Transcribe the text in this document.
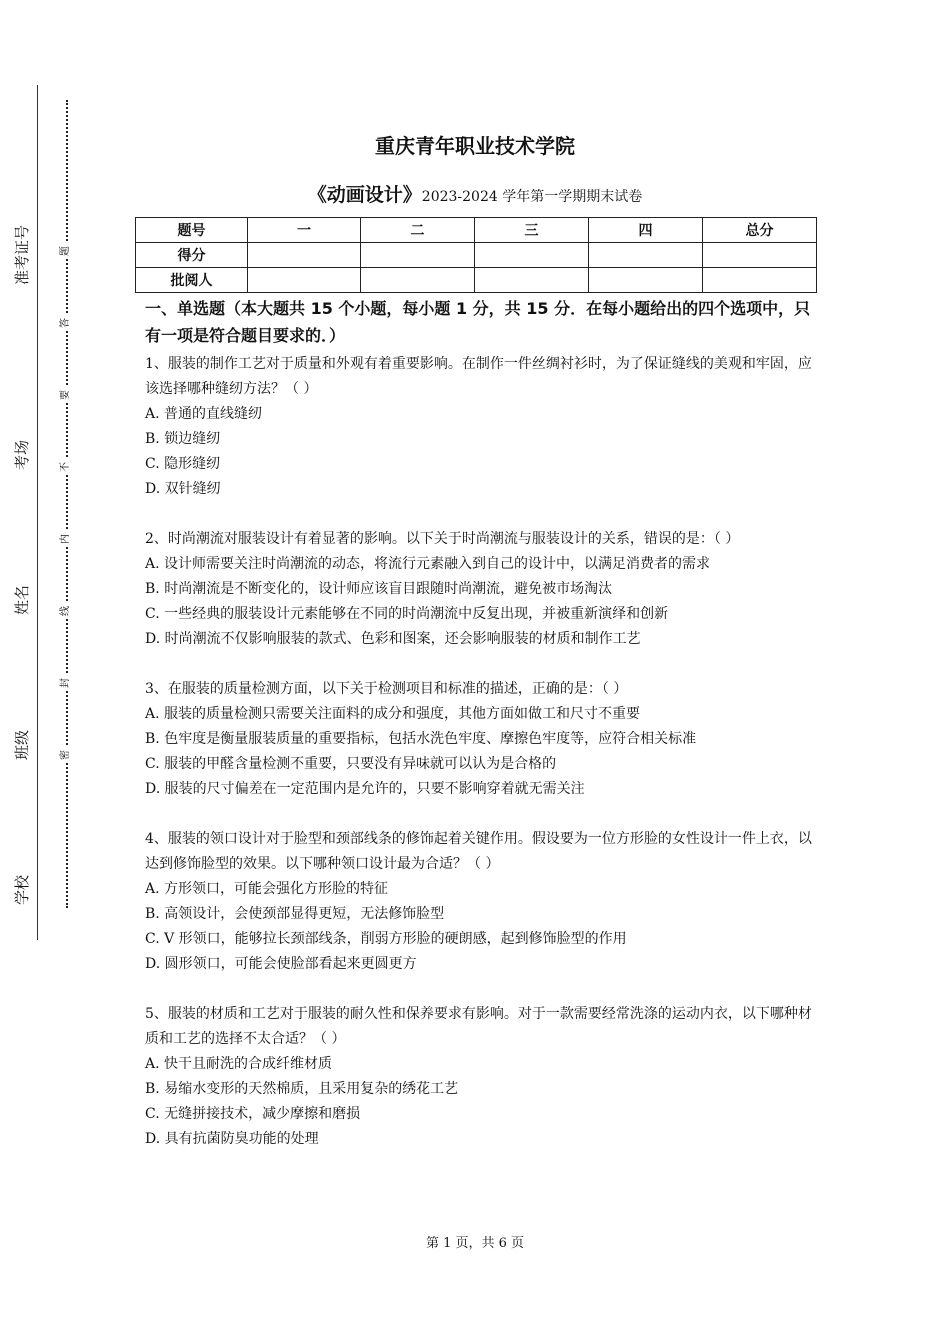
准考证号
考场
姓名
班级
学校
题
答
要
不
内
线
封
密
重庆青年职业技术学院
《动画设计》2023-2024 学年第一学期期末试卷
题号	一	二	三	四	总分
得分					
批阅人					
一、单选题（本大题共 15 个小题，每小题 1 分，共 15 分．在每小题给出的四个选项中，只有一项是符合题目要求的．）

1、服装的制作工艺对于质量和外观有着重要影响。在制作一件丝绸衬衫时，为了保证缝线的美观和牢固，应该选择哪种缝纫方法？（ ）

A. 普通的直线缝纫

B. 锁边缝纫

C. 隐形缝纫

D. 双针缝纫

2、时尚潮流对服装设计有着显著的影响。以下关于时尚潮流与服装设计的关系，错误的是：（ ）

A. 设计师需要关注时尚潮流的动态，将流行元素融入到自己的设计中，以满足消费者的需求

B. 时尚潮流是不断变化的，设计师应该盲目跟随时尚潮流，避免被市场淘汰

C. 一些经典的服装设计元素能够在不同的时尚潮流中反复出现，并被重新演绎和创新

D. 时尚潮流不仅影响服装的款式、色彩和图案，还会影响服装的材质和制作工艺

3、在服装的质量检测方面，以下关于检测项目和标准的描述，正确的是：（ ）

A. 服装的质量检测只需要关注面料的成分和强度，其他方面如做工和尺寸不重要

B. 色牢度是衡量服装质量的重要指标，包括水洗色牢度、摩擦色牢度等，应符合相关标准

C. 服装的甲醛含量检测不重要，只要没有异味就可以认为是合格的

D. 服装的尺寸偏差在一定范围内是允许的，只要不影响穿着就无需关注

4、服装的领口设计对于脸型和颈部线条的修饰起着关键作用。假设要为一位方形脸的女性设计一件上衣，以达到修饰脸型的效果。以下哪种领口设计最为合适？（ ）

A. 方形领口，可能会强化方形脸的特征

B. 高领设计，会使颈部显得更短，无法修饰脸型

C. V 形领口，能够拉长颈部线条，削弱方形脸的硬朗感，起到修饰脸型的作用

D. 圆形领口，可能会使脸部看起来更圆更方

5、服装的材质和工艺对于服装的耐久性和保养要求有影响。对于一款需要经常洗涤的运动内衣，以下哪种材质和工艺的选择不太合适？（ ）

A. 快干且耐洗的合成纤维材质

B. 易缩水变形的天然棉质，且采用复杂的绣花工艺

C. 无缝拼接技术，减少摩擦和磨损

D. 具有抗菌防臭功能的处理

第 1 页，共 6 页
